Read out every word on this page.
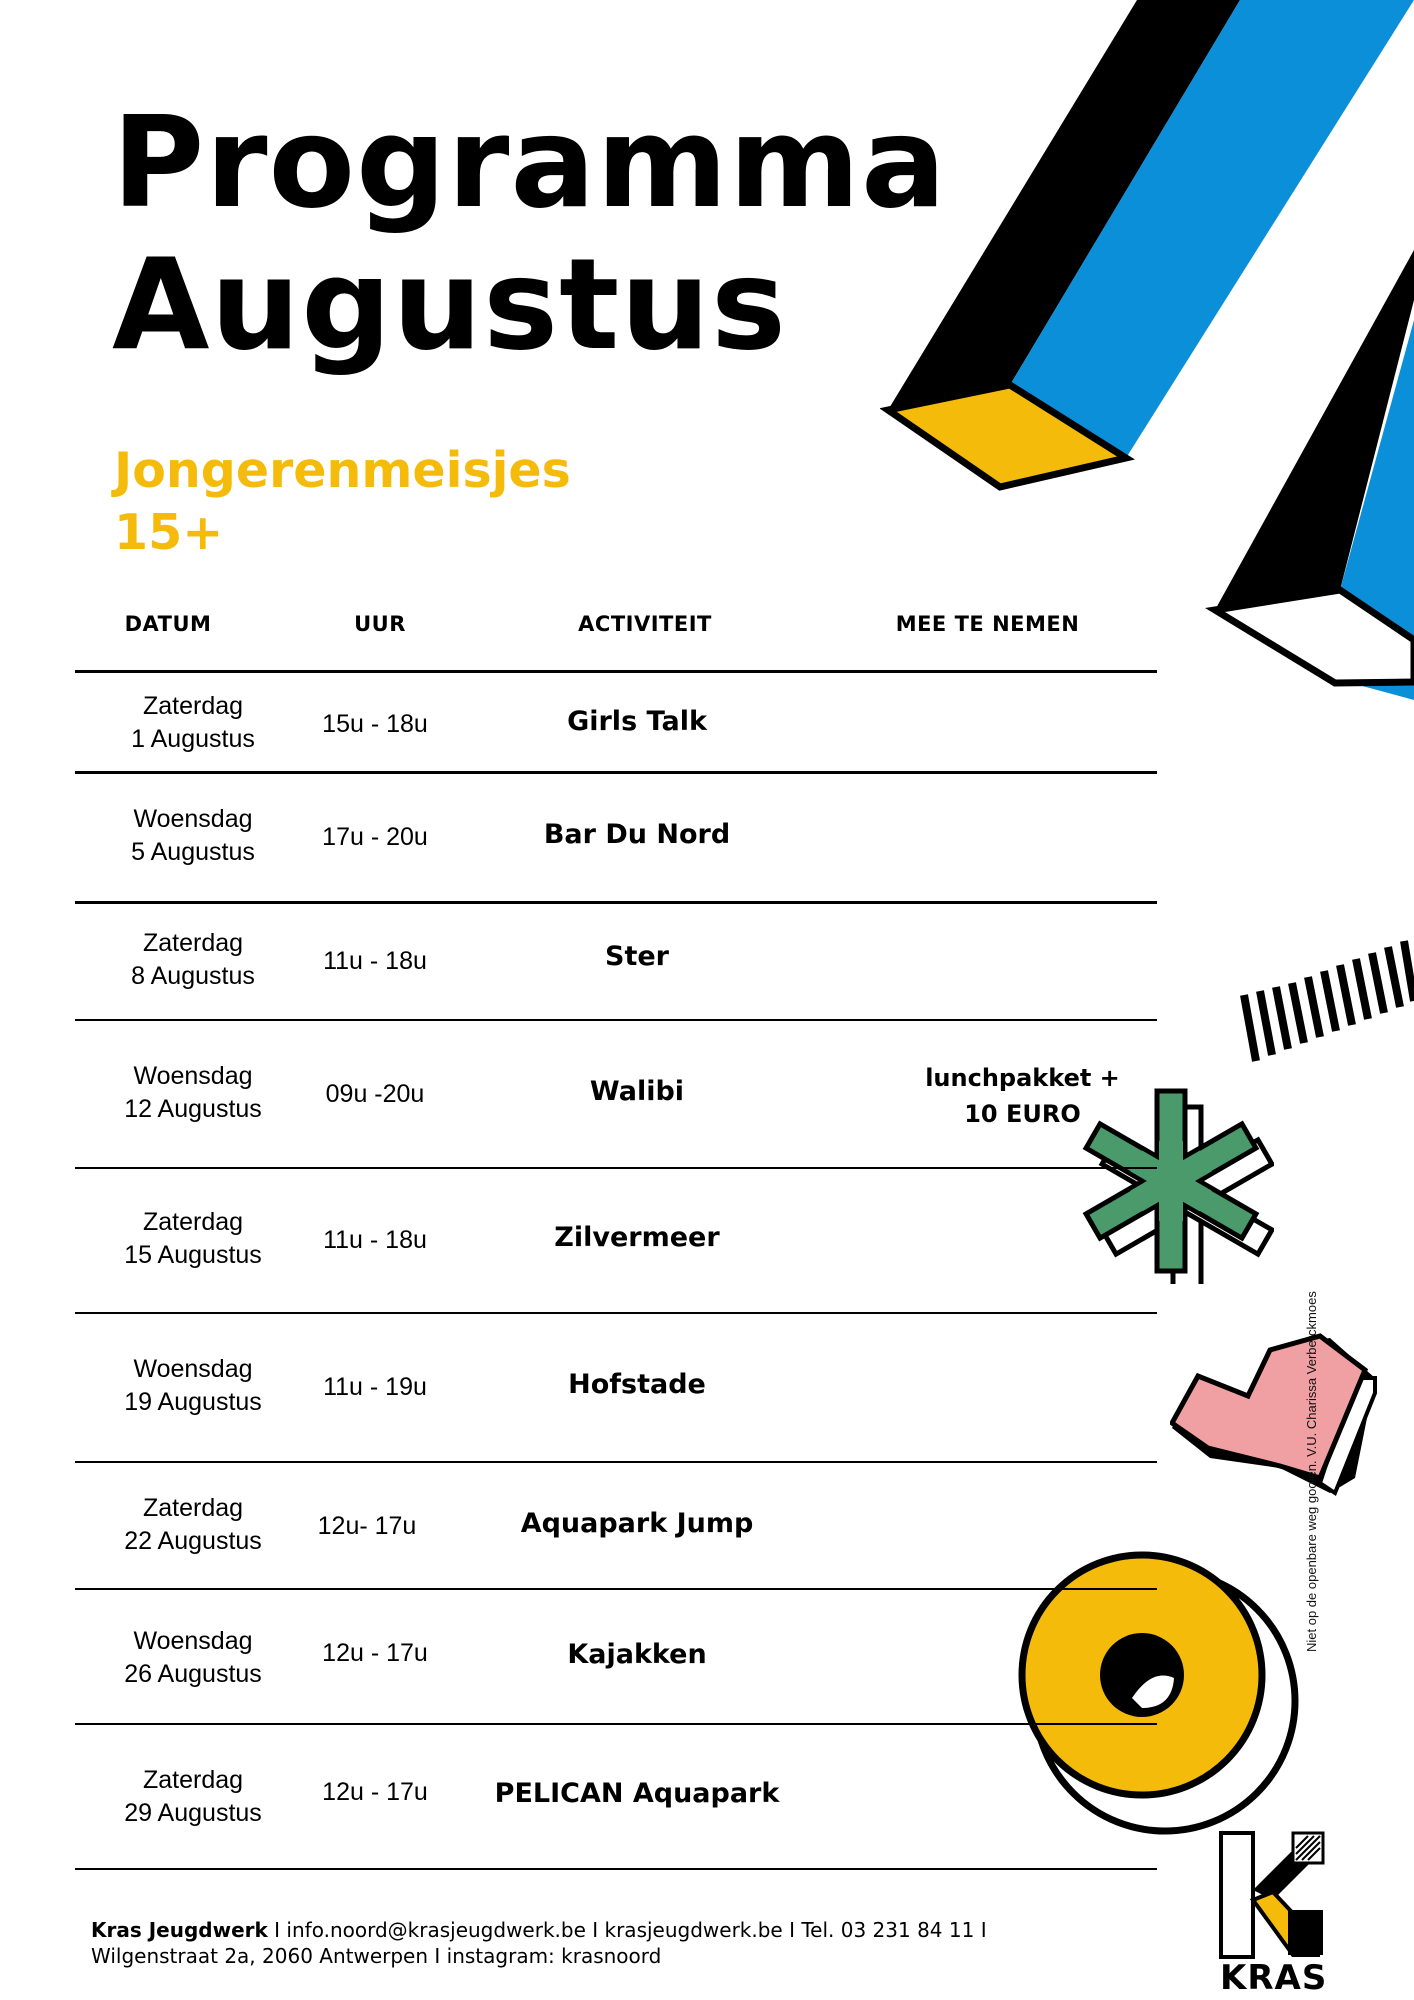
KRAS
Programma
Augustus
Jongerenmeisjes
15+
DATUM	UUR	ACTIVITEIT	MEE TE NEMEN
Zaterdag
1 Augustus
15u - 18u	Girls Talk
Woensdag
5 Augustus
17u - 20u	Bar Du Nord
Zaterdag
8 Augustus
11u - 18u	Ster
Woensdag
12 Augustus
09u -20u	Walibi	lunchpakket +
10 EURO
Zaterdag
15 Augustus
11u - 18u	Zilvermeer
Woensdag
19 Augustus
11u - 19u	Hofstade
Zaterdag
22 Augustus
12u- 17u	Aquapark Jump
Woensdag
26 Augustus
12u - 17u	Kajakken
Zaterdag
29 Augustus
12u - 17u	PELICAN Aquapark
Niet op de openbare weg gooien. V.U. Charissa Verberckmoes
Kras Jeugdwerk I info.noord@krasjeugdwerk.be I krasjeugdwerk.be I Tel. 03 231 84 11 I
Wilgenstraat 2a, 2060 Antwerpen I instagram: krasnoord
